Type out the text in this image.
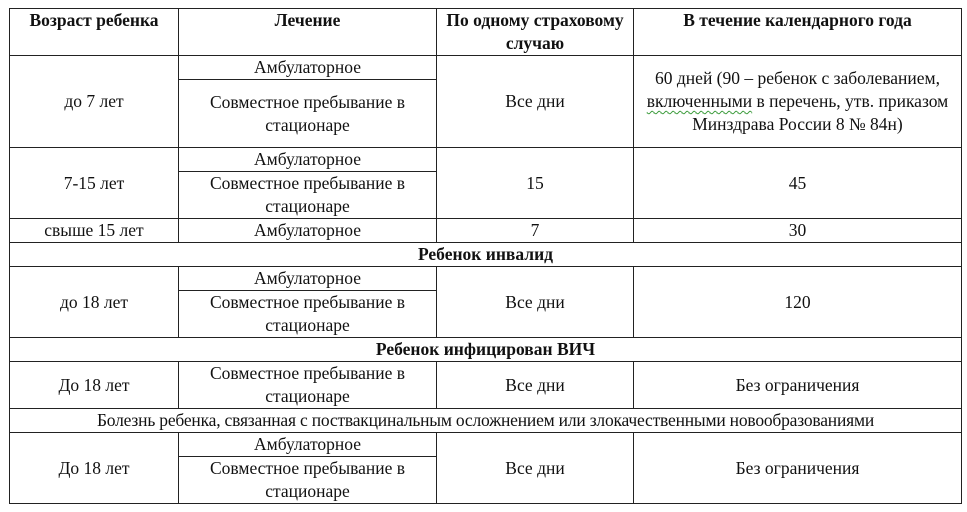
Возраст ребенка	Лечение	По одному страховому случаю	В течение календарного года
до 7 лет	Амбулаторное	Все дни	60 дней (90 – ребенок с заболеванием, включенными в перечень, утв. приказом Минздрава России 8 № 84н)
	Совместное пребывание в стационаре		
7-15 лет	Амбулаторное	15	45
	Совместное пребывание в стационаре		
свыше 15 лет	Амбулаторное	7	30
Ребенок инвалид			
до 18 лет	Амбулаторное	Все дни	120
	Совместное пребывание в стационаре		
Ребенок инфицирован ВИЧ			
До 18 лет	Совместное пребывание в стационаре	Все дни	Без ограничения
Болезнь ребенка, связанная с поствакцинальным осложнением или злокачественными новообразованиями			
До 18 лет	Амбулаторное	Все дни	Без ограничения
	Совместное пребывание в стационаре		
